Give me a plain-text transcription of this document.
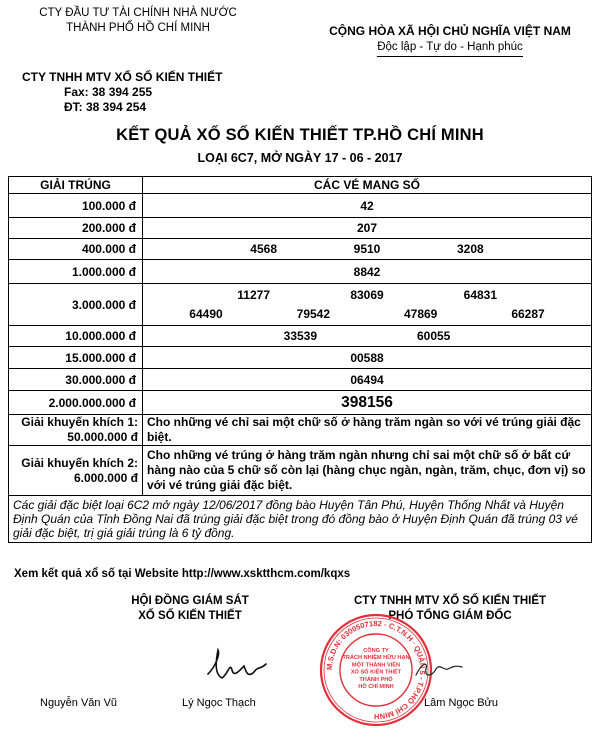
CTY ĐẦU TƯ TÀI CHÍNH NHÀ NƯỚC
THÀNH PHỐ HỒ CHÍ MINH	CỘNG HÒA XÃ HỘI CHỦ NGHĨA VIỆT NAM
Độc lập - Tự do - Hạnh phúc
CTY TNHH MTV XỔ SỐ KIẾN THIẾT
Fax: 38 394 255
ĐT: 38 394 254
KẾT QUẢ XỔ SỐ KIẾN THIẾT TP.HỒ CHÍ MINH
LOẠI 6C7, MỞ NGÀY 17 - 06 - 2017
GIẢI TRÚNG	CÁC VÉ MANG SỐ
100.000 đ	42
200.000 đ	207
400.000 đ	4568 9510 3208
1.000.000 đ	8842
3.000.000 đ	11277 83069 64831
64490 79542 47869 66287

10.000.000 đ	33539 60055
15.000.000 đ	00588
30.000.000 đ	06494
2.000.000.000 đ	398156

Giải khuyến khích 1:
50.000.000 đ	Cho những vé chỉ sai một chữ số ở hàng trăm ngàn so với vé trúng giải đặc biệt.

Giải khuyến khích 2:
6.000.000 đ	Cho những vé trúng ở hàng trăm ngàn nhưng chỉ sai một chữ số ở bất cứ hàng nào của 5 chữ số còn lại (hàng chục ngàn, ngàn, trăm, chục, đơn vị) so với vé trúng giải đặc biệt.
Các giải đặc biệt loại 6C2 mở ngày 12/06/2017 đồng bào Huyện Tân Phú, Huyện Thống Nhất và Huyện Định Quán của Tỉnh Đồng Nai đã trúng giải đặc biệt trong đó đồng bào ở Huyện Định Quán đã trúng 03 vé giải đặc biệt, trị giá giải trúng là 6 tỷ đồng.	
Xem kết quả xổ số tại Website http://www.xsktthcm.com/kqxs
HỘI ĐỒNG GIÁM SÁT
XỔ SỐ KIẾN THIẾT
CTY TNHH MTV XỔ SỐ KIẾN THIẾT
PHÓ TỔNG GIÁM ĐỐC
M.S.D.N: 0300507182 - C.T.N.H · QUẬN 5 - T.P.HỒ CHÍ MINH
CÔNG TY
TRÁCH NHIỆM HỮU HẠN
MỘT THÀNH VIÊN
XỔ SỐ KIẾN THIẾT
THÀNH PHỐ
HỒ CHÍ MINH
Nguyễn Văn Vũ	Lý Ngọc Thạch	Lâm Ngọc Bửu
